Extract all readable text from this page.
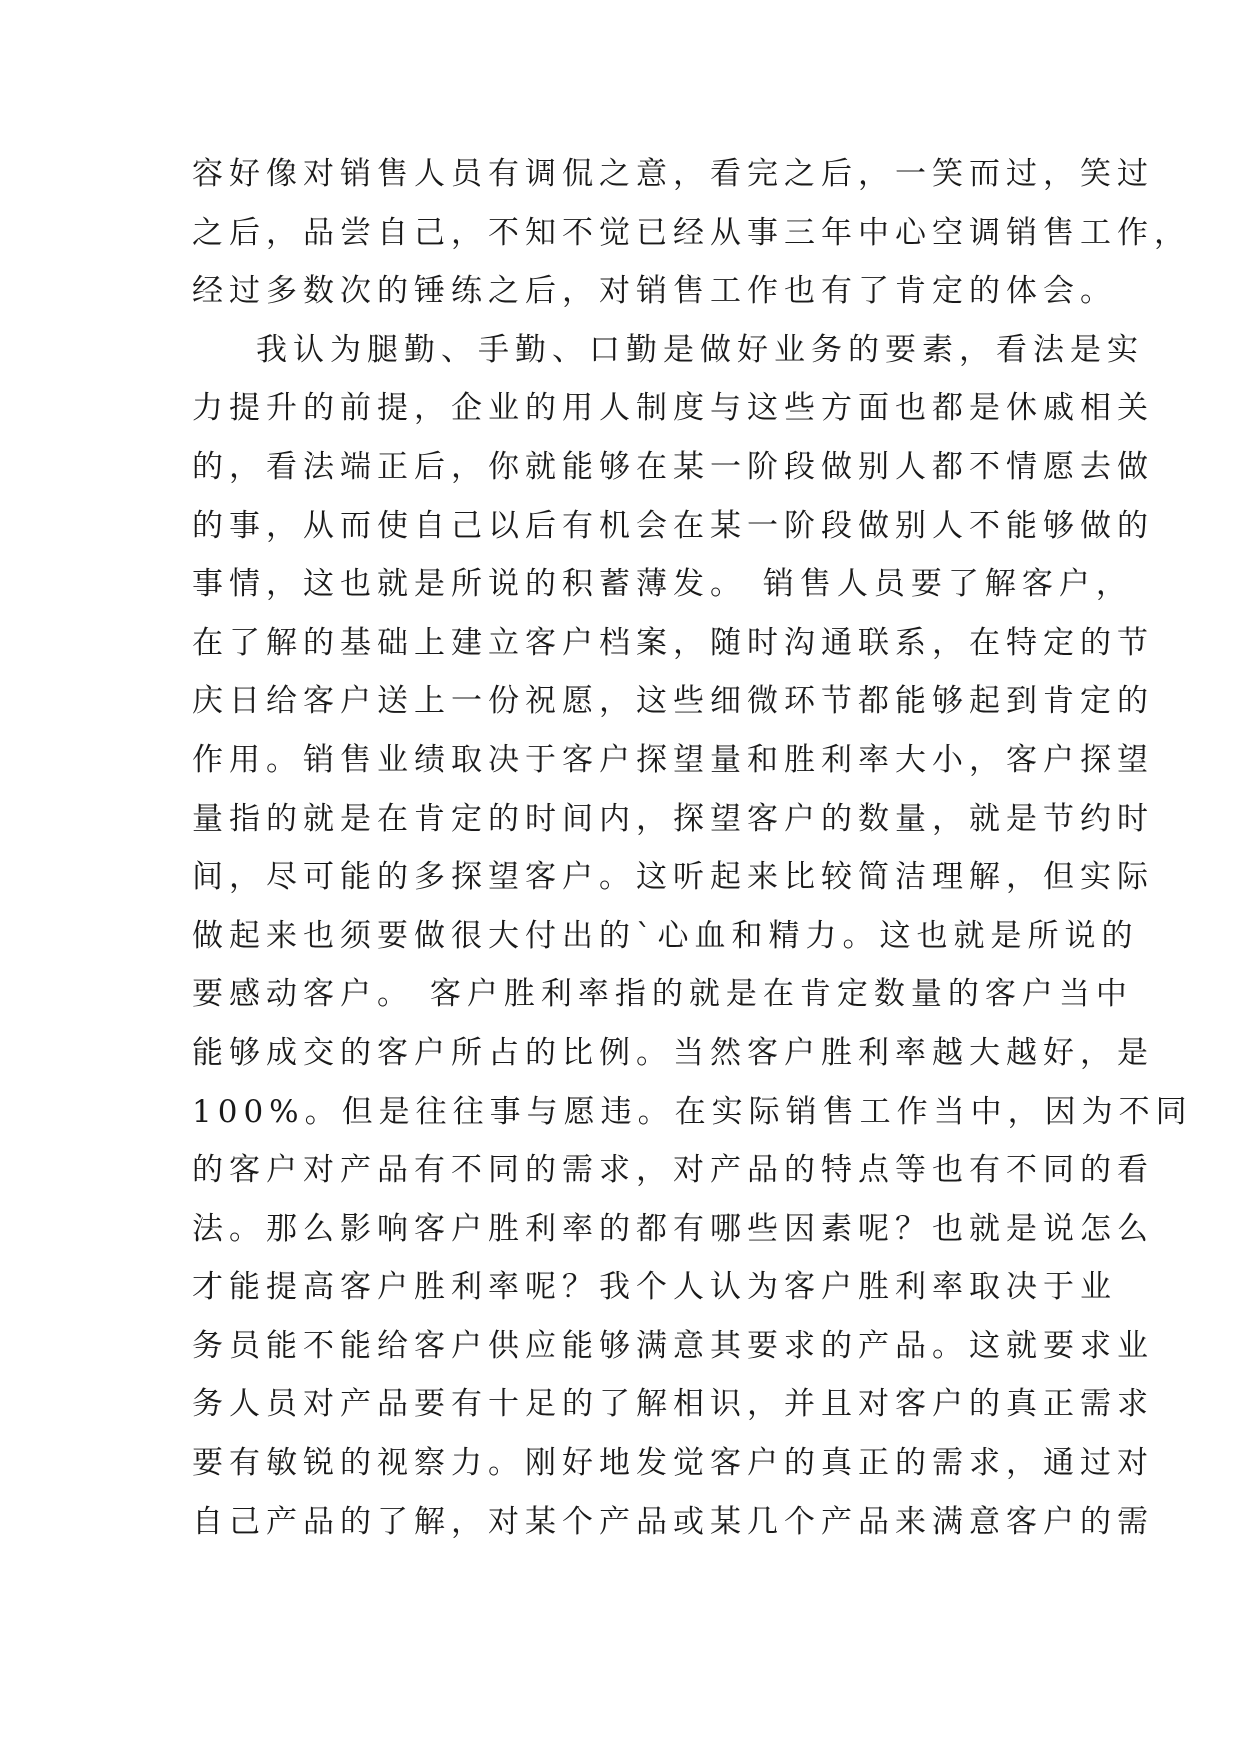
容好像对销售人员有调侃之意，看完之后，一笑而过，笑过
之后，品尝自己，不知不觉已经从事三年中心空调销售工作，
经过多数次的锤练之后，对销售工作也有了肯定的体会。
我认为腿勤、手勤、口勤是做好业务的要素，看法是实
力提升的前提，企业的用人制度与这些方面也都是休戚相关
的，看法端正后，你就能够在某一阶段做别人都不情愿去做
的事，从而使自己以后有机会在某一阶段做别人不能够做的
事情，这也就是所说的积蓄薄发。 销售人员要了解客户，
在了解的基础上建立客户档案，随时沟通联系，在特定的节
庆日给客户送上一份祝愿，这些细微环节都能够起到肯定的
作用。销售业绩取决于客户探望量和胜利率大小，客户探望
量指的就是在肯定的时间内，探望客户的数量，就是节约时
间，尽可能的多探望客户。这听起来比较简洁理解，但实际
做起来也须要做很大付出的`心血和精力。这也就是所说的
要感动客户。 客户胜利率指的就是在肯定数量的客户当中
能够成交的客户所占的比例。当然客户胜利率越大越好，是
100%。但是往往事与愿违。在实际销售工作当中，因为不同
的客户对产品有不同的需求，对产品的特点等也有不同的看
法。那么影响客户胜利率的都有哪些因素呢？也就是说怎么
才能提高客户胜利率呢？我个人认为客户胜利率取决于业
务员能不能给客户供应能够满意其要求的产品。这就要求业
务人员对产品要有十足的了解相识，并且对客户的真正需求
要有敏锐的视察力。刚好地发觉客户的真正的需求，通过对
自己产品的了解，对某个产品或某几个产品来满意客户的需
